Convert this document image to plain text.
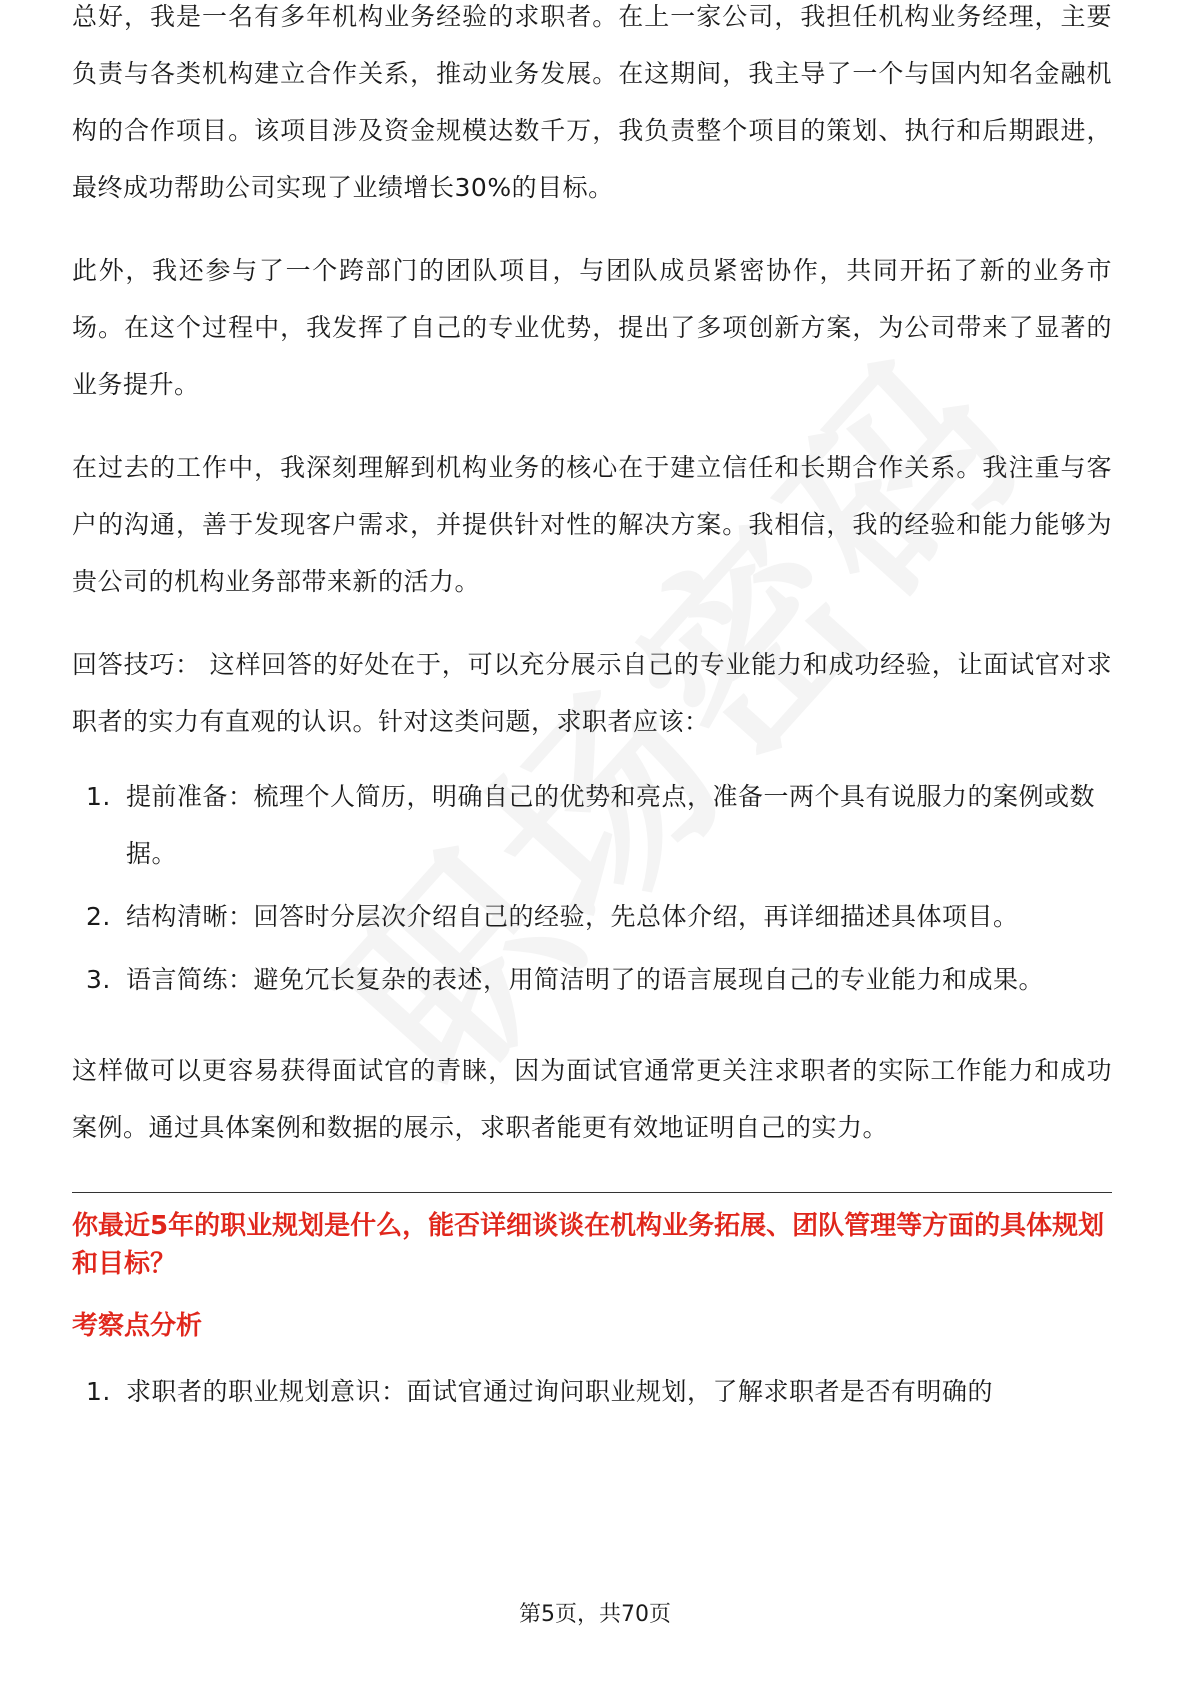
总好，我是一名有多年机构业务经验的求职者。在上一家公司，我担任机构业务经理，主要负责与各类机构建立合作关系，推动业务发展。在这期间，我主导了一个与国内知名金融机构的合作项目。该项目涉及资金规模达数千万，我负责整个项目的策划、执行和后期跟进，最终成功帮助公司实现了业绩增长30%的目标。

此外，我还参与了一个跨部门的团队项目，与团队成员紧密协作，共同开拓了新的业务市场。在这个过程中，我发挥了自己的专业优势，提出了多项创新方案，为公司带来了显著的业务提升。

在过去的工作中，我深刻理解到机构业务的核心在于建立信任和长期合作关系。我注重与客户的沟通，善于发现客户需求，并提供针对性的解决方案。我相信，我的经验和能力能够为贵公司的机构业务部带来新的活力。

回答技巧： 这样回答的好处在于，可以充分展示自己的专业能力和成功经验，让面试官对求职者的实力有直观的认识。针对这类问题，求职者应该：

1. 提前准备：梳理个人简历，明确自己的优势和亮点，准备一两个具有说服力的案例或数据。
2. 结构清晰：回答时分层次介绍自己的经验，先总体介绍，再详细描述具体项目。
3. 语言简练：避免冗长复杂的表述，用简洁明了的语言展现自己的专业能力和成果。

这样做可以更容易获得面试官的青睐，因为面试官通常更关注求职者的实际工作能力和成功案例。通过具体案例和数据的展示，求职者能更有效地证明自己的实力。

你最近5年的职业规划是什么，能否详细谈谈在机构业务拓展、团队管理等方面的具体规划和目标？

考察点分析

1. 求职者的职业规划意识：面试官通过询问职业规划，了解求职者是否有明确的
第5页，共70页
